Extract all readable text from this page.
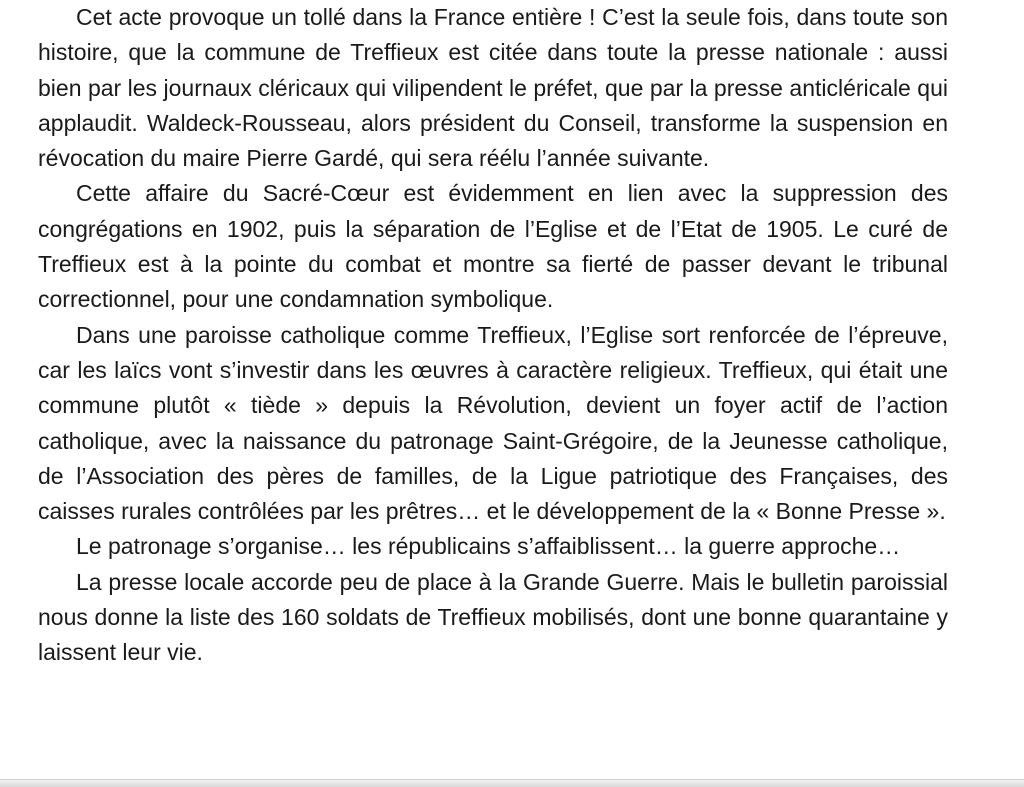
Cet acte provoque un tollé dans la France entière ! C’est la seule fois, dans toute son histoire, que la commune de Treffieux est citée dans toute la presse nationale : aussi bien par les journaux cléricaux qui vilipendent le préfet, que par la presse anticléricale qui applaudit. Waldeck-Rousseau, alors président du Conseil, transforme la suspension en révocation du maire Pierre Gardé, qui sera réélu l’année suivante.

Cette affaire du Sacré-Cœur est évidemment en lien avec la suppression des congrégations en 1902, puis la séparation de l’Eglise et de l’Etat de 1905. Le curé de Treffieux est à la pointe du combat et montre sa fierté de passer devant le tribunal correctionnel, pour une condamnation symbolique.

Dans une paroisse catholique comme Treffieux, l’Eglise sort renforcée de l’épreuve, car les laïcs vont s’investir dans les œuvres à caractère religieux. Treffieux, qui était une commune plutôt « tiède » depuis la Révolution, devient un foyer actif de l’action catholique, avec la naissance du patronage Saint-Grégoire, de la Jeunesse catholique, de l’Association des pères de familles, de la Ligue patriotique des Françaises, des caisses rurales contrôlées par les prêtres… et le développement de la « Bonne Presse ».

Le patronage s’organise… les républicains s’affaiblissent… la guerre approche…

La presse locale accorde peu de place à la Grande Guerre. Mais le bulletin paroissial nous donne la liste des 160 soldats de Treffieux mobilisés, dont une bonne quarantaine y laissent leur vie.
